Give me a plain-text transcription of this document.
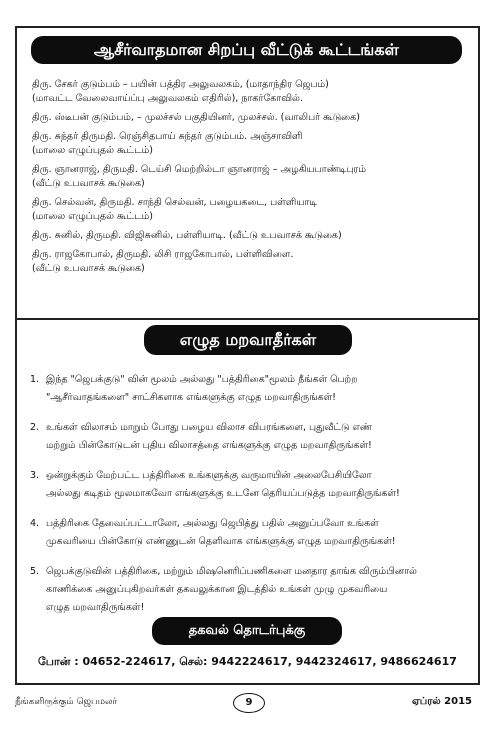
ஆசீர்வாதமான சிறப்பு வீட்டுக் கூட்டங்கள்
திரு. சேகர் குடும்பம் – பயின் பத்திர அலுவலகம், (மாதாந்திர ஜெபம்)
(மாவட்ட வேலைவாய்ப்பு அலுவலகம் எதிரில்), நாகர்கோவில்.
திரு. ஸ்டீபன் குடும்பம், – முலச்சல் பகுதியினர், முலச்சல். (வாலிபர் கூடுகை)
திரு. சுந்தர் திருமதி. ரெஞ்சிதபாய் சுந்தர் குடும்பம். அஞ்சாவிளி
(மாலை எழுப்புதல் கூட்டம்)
திரு. ஞானராஜ், திருமதி. டெய்சி மெற்றில்டா ஞானராஜ் – அழகியபாண்டிபுரம்
(வீட்டு உபவாசக் கூடுகை)
திரு. செல்வன், திருமதி. சாந்தி செல்வன், பழையகடை, பள்ளியாடி
(மாலை எழுப்புதல் கூட்டம்)
திரு. சுனில், திருமதி. விஜிசுனில், பள்ளியாடி. (வீட்டு உபவாசக் கூடுகை)
திரு. ராஜகோபால், திருமதி. லிசி ராஜகோபால், பள்ளிவிளை.
(வீட்டு உபவாசக் கூடுகை)
எழுத மறவாதீர்கள்
1. இந்த "ஜெபக்குடு" வின் மூலம் அல்லது "பத்திரிகை"மூலம் நீங்கள் பெற்ற
"ஆசீர்வாதங்களை" சாட்சிகளாக எங்களுக்கு எழுத மறவாதிருங்கள்!
2. உங்கள் விலாசம் மாறும் போது பழைய விலாச விபரங்களை, புதுவீட்டு எண்
மற்றும் பின்கோடுடன் புதிய விலாசத்தை எங்களுக்கு எழுத மறவாதிருங்கள்!
3. ஒன்றுக்கும் மேற்பட்ட பத்திரிகை உங்களுக்கு வருமாயின் அலைபேசியிலோ
அல்லது கடிதம் மூலமாகவோ எங்களுக்கு உடனே தெரியப்படுத்த மறவாதிருங்கள்!
4. பத்திரிகை தேவைப்பட்டாலோ, அல்லது ஜெபித்து பதில் அனுப்பவோ உங்கள்
முகவரியை பின்கோடு எண்ணுடன் தெளிவாக எங்களுக்கு எழுத மறவாதிருங்கள்!
5. ஜெபக்குடுவின் பத்திரிகை, மற்றும் மிஷனெரிப்பணிகளை மனதார தாங்க விரும்பினால்
காணிக்கை அனுப்புகிறவர்கள் தகவலுக்கான இடத்தில் உங்கள் முழு முகவரியை
எழுத மறவாதிருங்கள்!
தகவல் தொடர்புக்கு
போன் : 04652-224617, செல்: 9442224617, 9442324617, 9486624617
நீங்களிருக்கும் ஜெபமலர்	9	ஏப்ரல் 2015
